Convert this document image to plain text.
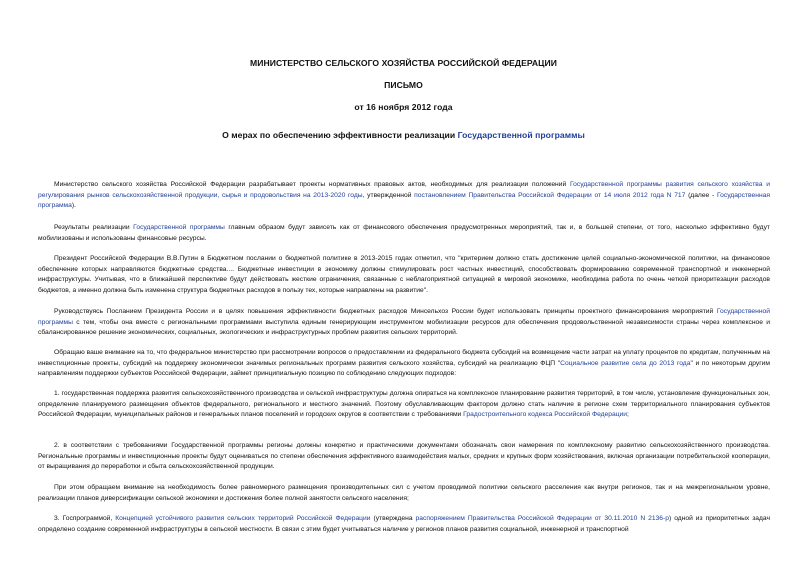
МИНИСТЕРСТВО СЕЛЬСКОГО ХОЗЯЙСТВА РОССИЙСКОЙ ФЕДЕРАЦИИ
ПИСЬМО
от 16 ноября 2012 года
О мерах по обеспечению эффективности реализации Государственной программы
Министерство сельского хозяйства Российской Федерации разрабатывает проекты нормативных правовых актов, необходимых для реализации положений Государственной программы развития сельского хозяйства и регулирования рынков сельскохозяйственной продукции, сырья и продовольствия на 2013-2020 годы, утвержденной постановлением Правительства Российской Федерации от 14 июля 2012 года N 717 (далее - Государственная программа).
Результаты реализации Государственной программы главным образом будут зависеть как от финансового обеспечения предусмотренных мероприятий, так и, в большей степени, от того, насколько эффективно будут мобилизованы и использованы финансовые ресурсы.
Президент Российской Федерации В.В.Путин в Бюджетном послании о бюджетной политике в 2013-2015 годах отметил, что "критерием должно стать достижение целей социально-экономической политики, на финансовое обеспечение которых направляются бюджетные средства.... Бюджетные инвестиции в экономику должны стимулировать рост частных инвестиций, способствовать формированию современной транспортной и инженерной инфраструктуры. Учитывая, что в ближайшей перспективе будут действовать жесткие ограничения, связанные с неблагоприятной ситуацией в мировой экономике, необходима работа по очень четкой приоритезации расходов бюджетов, а именно должна быть изменена структура бюджетных расходов в пользу тех, которые направлены на развитие".
Руководствуясь Посланием Президента России и в целях повышения эффективности бюджетных расходов Минсельхоз России будет использовать принципы проектного финансирования мероприятий Государственной программы с тем, чтобы она вместе с региональными программами выступила единым генерирующим инструментом мобилизации ресурсов для обеспечения продовольственной независимости страны через комплексное и сбалансированное решение экономических, социальных, экологических и инфраструктурных проблем развития сельских территорий.
Обращаю ваше внимание на то, что федеральное министерство при рассмотрении вопросов о предоставлении из федерального бюджета субсидий на возмещение части затрат на уплату процентов по кредитам, полученным на инвестиционные проекты, субсидий на поддержку экономически значимых региональных программ развития сельского хозяйства, субсидий на реализацию ФЦП "Социальное развитие села до 2013 года" и по некоторым другим направлениям поддержки субъектов Российской Федерации, займет принципиальную позицию по соблюдению следующих подходов:
1. государственная поддержка развития сельскохозяйственного производства и сельской инфраструктуры должна опираться на комплексное планирование развития территорий, в том числе, установление функциональных зон, определение планируемого размещения объектов федерального, регионального и местного значений. Поэтому обуславливающим фактором должно стать наличие в регионе схем территориального планирования субъектов Российской Федерации, муниципальных районов и генеральных планов поселений и городских округов в соответствии с требованиями Градостроительного кодекса Российской Федерации;
2. в соответствии с требованиями Государственной программы регионы должны конкретно и практическими документами обозначать свои намерения по комплексному развитию сельскохозяйственного производства. Региональные программы и инвестиционные проекты будут оцениваться по степени обеспечения эффективного взаимодействия малых, средних и крупных форм хозяйствования, включая организации потребительской кооперации, от выращивания до переработки и сбыта сельскохозяйственной продукции.
При этом обращаем внимание на необходимость более равномерного размещения производительных сил с учетом проводимой политики сельского расселения как внутри регионов, так и на межрегиональном уровне, реализации планов диверсификации сельской экономики и достижения более полной занятости сельского населения;
3. Госпрограммой, Концепцией устойчивого развития сельских территорий Российской Федерации (утверждена распоряжением Правительства Российской Федерации от 30.11.2010 N 2136-р) одной из приоритетных задач определено создание современной инфраструктуры в сельской местности. В связи с этим будет учитываться наличие у регионов планов развития социальной, инженерной и транспортной
